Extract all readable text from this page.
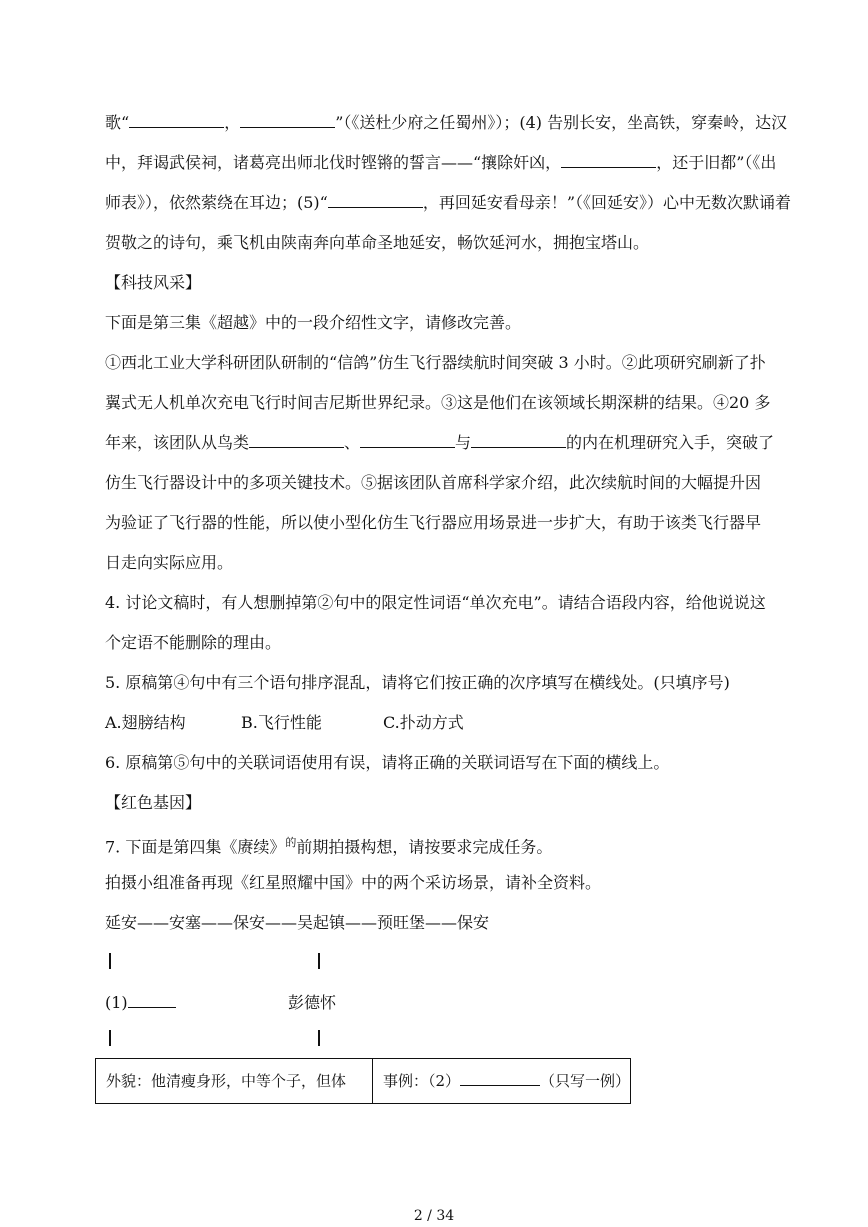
歌“	，	”（《送杜少府之任蜀州》）；(4) 告别长安，坐高铁，穿秦岭，达汉
中，拜谒武侯祠，诸葛亮出师北伐时铿锵的誓言——“攘除奸凶，	，还于旧都”（《出
师表》），依然萦绕在耳边；(5)“	，再回延安看母亲！”（《回延安》）心中无数次默诵着
贺敬之的诗句，乘飞机由陕南奔向革命圣地延安，畅饮延河水，拥抱宝塔山。
【科技风采】
下面是第三集《超越》中的一段介绍性文字，请修改完善。
①西北工业大学科研团队研制的“信鸽”仿生飞行器续航时间突破 3 小时。②此项研究刷新了扑
翼式无人机单次充电飞行时间吉尼斯世界纪录。③这是他们在该领域长期深耕的结果。④20 多
年来，该团队从鸟类	、	与	的内在机理研究入手，突破了
仿生飞行器设计中的多项关键技术。⑤据该团队首席科学家介绍，此次续航时间的大幅提升因
为验证了飞行器的性能，所以使小型化仿生飞行器应用场景进一步扩大，有助于该类飞行器早
日走向实际应用。
4. 讨论文稿时，有人想删掉第②句中的限定性词语“单次充电”。请结合语段内容，给他说说这
个定语不能删除的理由。
5. 原稿第④句中有三个语句排序混乱，请将它们按正确的次序填写在横线处。(只填序号)
A.翅膀结构	B.飞行性能	C.扑动方式
6. 原稿第⑤句中的关联词语使用有误，请将正确的关联词语写在下面的横线上。
【红色基因】
7. 下面是第四集《赓续》$^的$前期拍摄构想，请按要求完成任务。
拍摄小组准备再现《红星照耀中国》中的两个采访场景，请补全资料。
延安——安塞——保安——吴起镇——预旺堡——保安
(1)	彭德怀
外貌：他清瘦身形，中等个子，但体	事例：（2）	（只写一例）
2 / 34
